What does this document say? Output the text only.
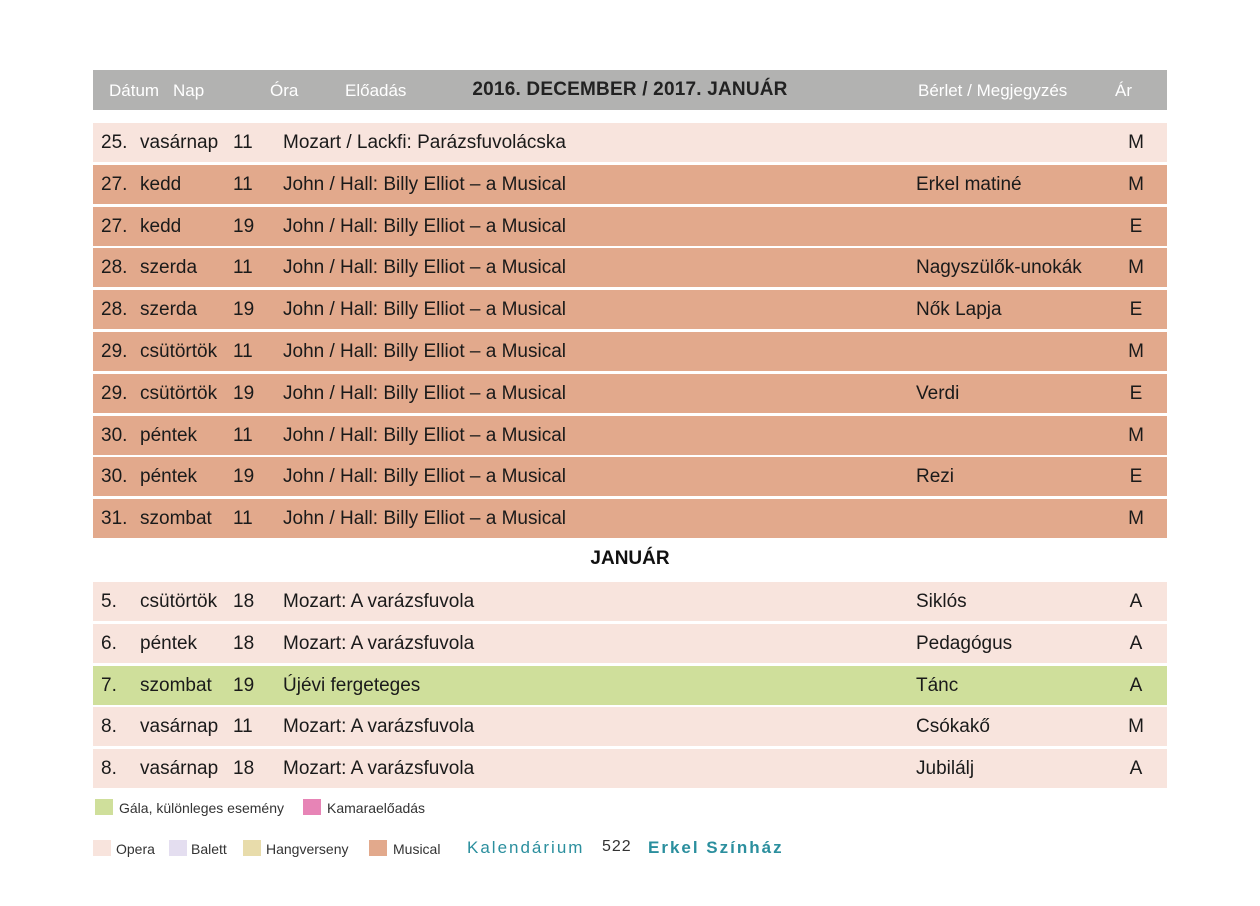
Dátum Nap	Óra	Előadás	2016. DECEMBER / 2017. JANUÁR	Bérlet / Megjegyzés	Ár
25. vasárnap 11 Mozart / Lackfi: Parázsfuvolácska	M
27. kedd	11 John / Hall: Billy Elliot – a Musical	Erkel matiné	M
27. kedd	19 John / Hall: Billy Elliot – a Musical	E
28. szerda 11 John / Hall: Billy Elliot – a Musical	Nagyszülők-unokák	M
28. szerda 19 John / Hall: Billy Elliot – a Musical	Nők Lapja	E
29. csütörtök 11 John / Hall: Billy Elliot – a Musical	M
29. csütörtök 19 John / Hall: Billy Elliot – a Musical	Verdi	E
30. péntek 11 John / Hall: Billy Elliot – a Musical	M
30. péntek 19 John / Hall: Billy Elliot – a Musical	Rezi	E
31. szombat 11 John / Hall: Billy Elliot – a Musical	M
JANUÁR
5. csütörtök 18 Mozart: A varázsfuvola	Siklós	A
6. péntek 18 Mozart: A varázsfuvola	Pedagógus	A
7. szombat 19 Újévi fergeteges	Tánc	A
8. vasárnap 11 Mozart: A varázsfuvola	Csókakő	M
8. vasárnap 18 Mozart: A varázsfuvola	Jubilálj	A
Gála, különleges esemény	Kamaraelőadás
Opera	Balett	Hangverseny	Musical Kalendárium 522 Erkel Színház
